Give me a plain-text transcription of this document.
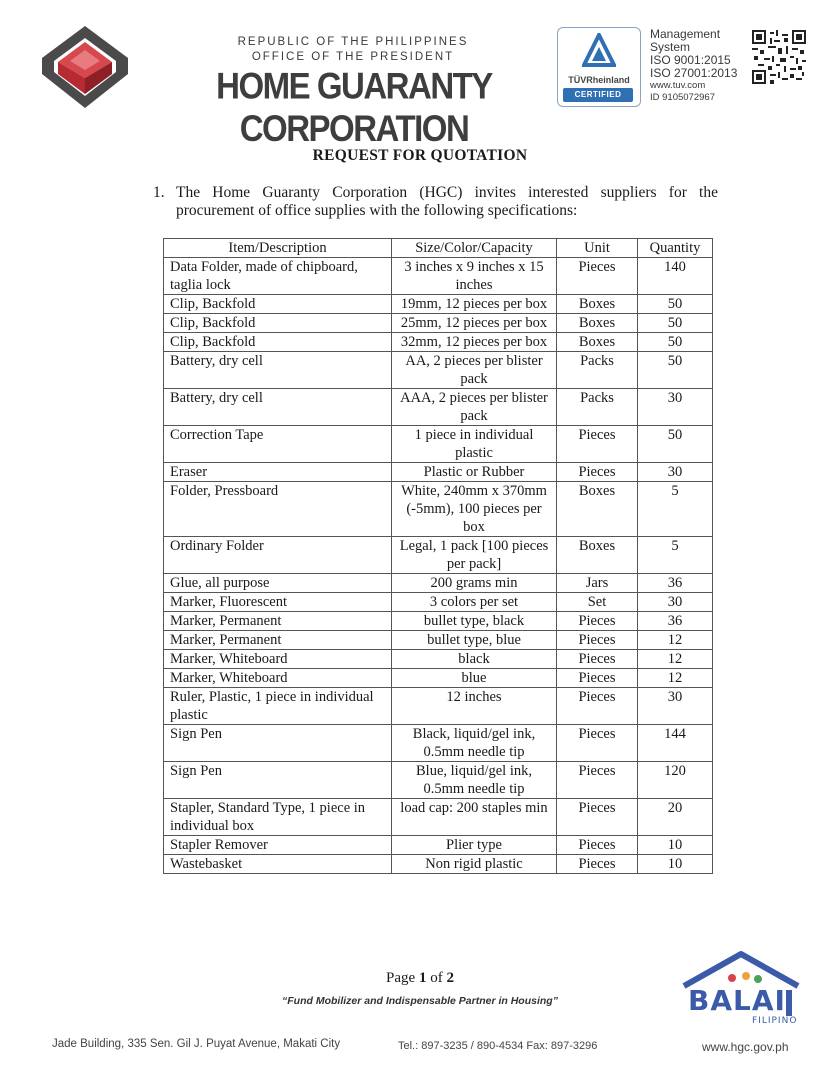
REPUBLIC OF THE PHILIPPINES
OFFICE OF THE PRESIDENT
HOME GUARANTY CORPORATION
TÜVRheinland
CERTIFIED
Management
System
ISO 9001:2015
ISO 27001:2013
www.tuv.com
ID 9105072967
REQUEST FOR QUOTATION
1. The Home Guaranty Corporation (HGC) invites interested suppliers for the procurement of office supplies with the following specifications:
Item/Description	Size/Color/Capacity	Unit	Quantity
Data Folder, made of chipboard, taglia lock	3 inches x 9 inches x 15 inches	Pieces	140
Clip, Backfold	19mm, 12 pieces per box	Boxes	50
Clip, Backfold	25mm, 12 pieces per box	Boxes	50
Clip, Backfold	32mm, 12 pieces per box	Boxes	50
Battery, dry cell	AA, 2 pieces per blister pack	Packs	50
Battery, dry cell	AAA, 2 pieces per blister pack	Packs	30
Correction Tape	1 piece in individual plastic	Pieces	50
Eraser	Plastic or Rubber	Pieces	30
Folder, Pressboard	White, 240mm x 370mm (-5mm), 100 pieces per box	Boxes	5
Ordinary Folder	Legal, 1 pack [100 pieces per pack]	Boxes	5
Glue, all purpose	200 grams min	Jars	36
Marker, Fluorescent	3 colors per set	Set	30
Marker, Permanent	bullet type, black	Pieces	36
Marker, Permanent	bullet type, blue	Pieces	12
Marker, Whiteboard	black	Pieces	12
Marker, Whiteboard	blue	Pieces	12
Ruler, Plastic, 1 piece in individual plastic	12 inches	Pieces	30
Sign Pen	Black, liquid/gel ink, 0.5mm needle tip	Pieces	144
Sign Pen	Blue, liquid/gel ink, 0.5mm needle tip	Pieces	120
Stapler, Standard Type, 1 piece in individual box	load cap: 200 staples min	Pieces	20
Stapler Remover	Plier type	Pieces	10
Wastebasket	Non rigid plastic	Pieces	10
Page 1 of 2
“Fund Mobilizer and Indispensable Partner in Housing”	BALAI
FILIPINO
Jade Building, 335 Sen. Gil J. Puyat Avenue, Makati City	Tel.: 897-3235 / 890-4534 Fax: 897-3296	www.hgc.gov.ph
